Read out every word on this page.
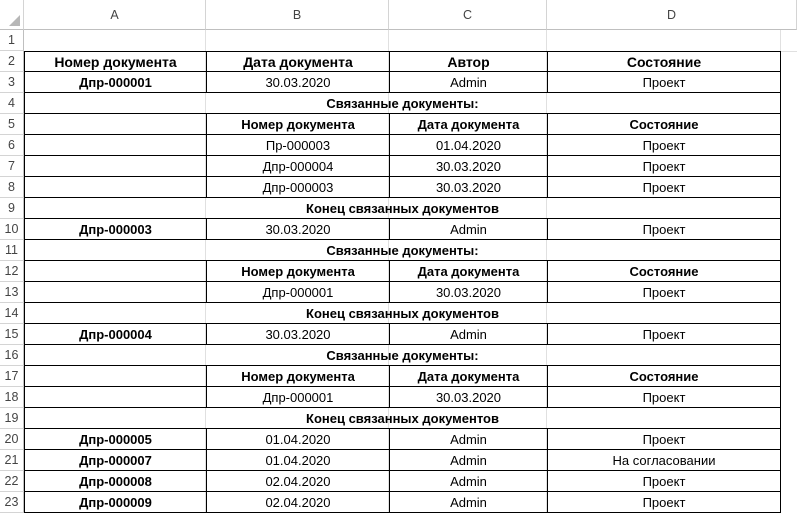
A	B	C	D
1
2
3
4
5
6
7
8
9
10
11
12
13
14
15
16
17
18
19
20
21
22
23
Номер документа	Дата документа	Автор	Состояние
Дпр-000001	30.03.2020	Admin	Проект
Связанные документы:
Номер документа	Дата документа	Состояние
Пр-000003	01.04.2020	Проект
Дпр-000004	30.03.2020	Проект
Дпр-000003	30.03.2020	Проект
Конец связанных документов
Дпр-000003	30.03.2020	Admin	Проект
Связанные документы:
Номер документа	Дата документа	Состояние
Дпр-000001	30.03.2020	Проект
Конец связанных документов
Дпр-000004	30.03.2020	Admin	Проект
Связанные документы:
Номер документа	Дата документа	Состояние
Дпр-000001	30.03.2020	Проект
Конец связанных документов
Дпр-000005	01.04.2020	Admin	Проект
Дпр-000007	01.04.2020	Admin	На согласовании
Дпр-000008	02.04.2020	Admin	Проект
Дпр-000009	02.04.2020	Admin	Проект
